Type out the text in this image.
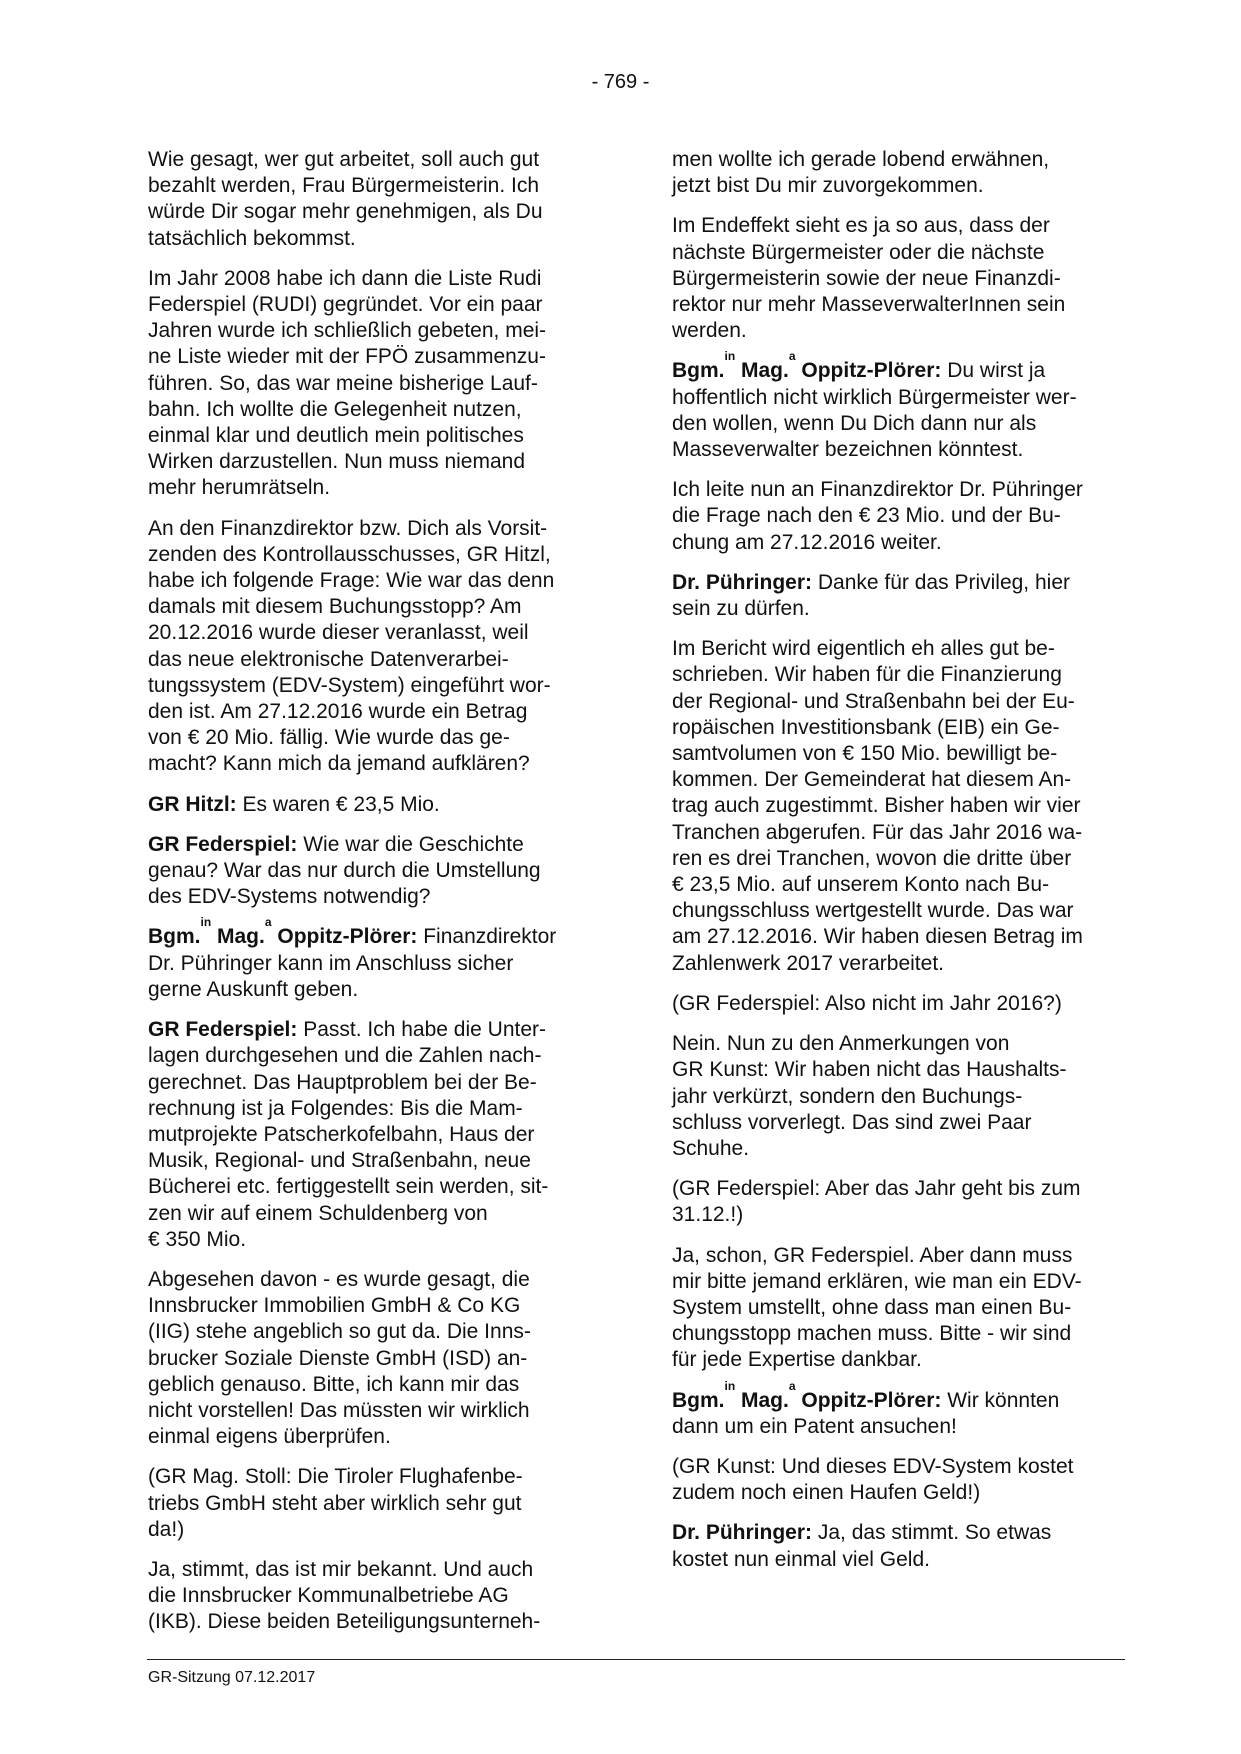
- 769 -
Wie gesagt, wer gut arbeitet, soll auch gut
bezahlt werden, Frau Bürgermeisterin. Ich
würde Dir sogar mehr genehmigen, als Du
tatsächlich bekommst.
Im Jahr 2008 habe ich dann die Liste Rudi
Federspiel (RUDI) gegründet. Vor ein paar
Jahren wurde ich schließlich gebeten, mei-
ne Liste wieder mit der FPÖ zusammenzu-
führen. So, das war meine bisherige Lauf-
bahn. Ich wollte die Gelegenheit nutzen,
einmal klar und deutlich mein politisches
Wirken darzustellen. Nun muss niemand
mehr herumrätseln.
An den Finanzdirektor bzw. Dich als Vorsit-
zenden des Kontrollausschusses, GR Hitzl,
habe ich folgende Frage: Wie war das denn
damals mit diesem Buchungsstopp? Am
20.12.2016 wurde dieser veranlasst, weil
das neue elektronische Datenverarbei-
tungssystem (EDV-System) eingeführt wor-
den ist. Am 27.12.2016 wurde ein Betrag
von € 20 Mio. fällig. Wie wurde das ge-
macht? Kann mich da jemand aufklären?
GR Hitzl: Es waren € 23,5 Mio.
GR Federspiel: Wie war die Geschichte
genau? War das nur durch die Umstellung
des EDV-Systems notwendig?
Bgm.$^{in}$ Mag.$^a$ Oppitz-Plörer: Finanzdirektor
Dr. Pühringer kann im Anschluss sicher
gerne Auskunft geben.
GR Federspiel: Passt. Ich habe die Unter-
lagen durchgesehen und die Zahlen nach-
gerechnet. Das Hauptproblem bei der Be-
rechnung ist ja Folgendes: Bis die Mam-
mutprojekte Patscherkofelbahn, Haus der
Musik, Regional- und Straßenbahn, neue
Bücherei etc. fertiggestellt sein werden, sit-
zen wir auf einem Schuldenberg von
€ 350 Mio.
Abgesehen davon - es wurde gesagt, die
Innsbrucker Immobilien GmbH & Co KG
(IIG) stehe angeblich so gut da. Die Inns-
brucker Soziale Dienste GmbH (ISD) an-
geblich genauso. Bitte, ich kann mir das
nicht vorstellen! Das müssten wir wirklich
einmal eigens überprüfen.
(GR Mag. Stoll: Die Tiroler Flughafenbe-
triebs GmbH steht aber wirklich sehr gut
da!)
Ja, stimmt, das ist mir bekannt. Und auch
die Innsbrucker Kommunalbetriebe AG
(IKB). Diese beiden Beteiligungsunterneh-
men wollte ich gerade lobend erwähnen,
jetzt bist Du mir zuvorgekommen.
Im Endeffekt sieht es ja so aus, dass der
nächste Bürgermeister oder die nächste
Bürgermeisterin sowie der neue Finanzdi-
rektor nur mehr MasseverwalterInnen sein
werden.
Bgm.$^{in}$ Mag.$^a$ Oppitz-Plörer: Du wirst ja
hoffentlich nicht wirklich Bürgermeister wer-
den wollen, wenn Du Dich dann nur als
Masseverwalter bezeichnen könntest.
Ich leite nun an Finanzdirektor Dr. Pühringer
die Frage nach den € 23 Mio. und der Bu-
chung am 27.12.2016 weiter.
Dr. Pühringer: Danke für das Privileg, hier
sein zu dürfen.
Im Bericht wird eigentlich eh alles gut be-
schrieben. Wir haben für die Finanzierung
der Regional- und Straßenbahn bei der Eu-
ropäischen Investitionsbank (EIB) ein Ge-
samtvolumen von € 150 Mio. bewilligt be-
kommen. Der Gemeinderat hat diesem An-
trag auch zugestimmt. Bisher haben wir vier
Tranchen abgerufen. Für das Jahr 2016 wa-
ren es drei Tranchen, wovon die dritte über
€ 23,5 Mio. auf unserem Konto nach Bu-
chungsschluss wertgestellt wurde. Das war
am 27.12.2016. Wir haben diesen Betrag im
Zahlenwerk 2017 verarbeitet.
(GR Federspiel: Also nicht im Jahr 2016?)
Nein. Nun zu den Anmerkungen von
GR Kunst: Wir haben nicht das Haushalts-
jahr verkürzt, sondern den Buchungs-
schluss vorverlegt. Das sind zwei Paar
Schuhe.
(GR Federspiel: Aber das Jahr geht bis zum
31.12.!)
Ja, schon, GR Federspiel. Aber dann muss
mir bitte jemand erklären, wie man ein EDV-
System umstellt, ohne dass man einen Bu-
chungsstopp machen muss. Bitte - wir sind
für jede Expertise dankbar.
Bgm.$^{in}$ Mag.$^a$ Oppitz-Plörer: Wir könnten
dann um ein Patent ansuchen!
(GR Kunst: Und dieses EDV-System kostet
zudem noch einen Haufen Geld!)
Dr. Pühringer: Ja, das stimmt. So etwas
kostet nun einmal viel Geld.
GR-Sitzung 07.12.2017
